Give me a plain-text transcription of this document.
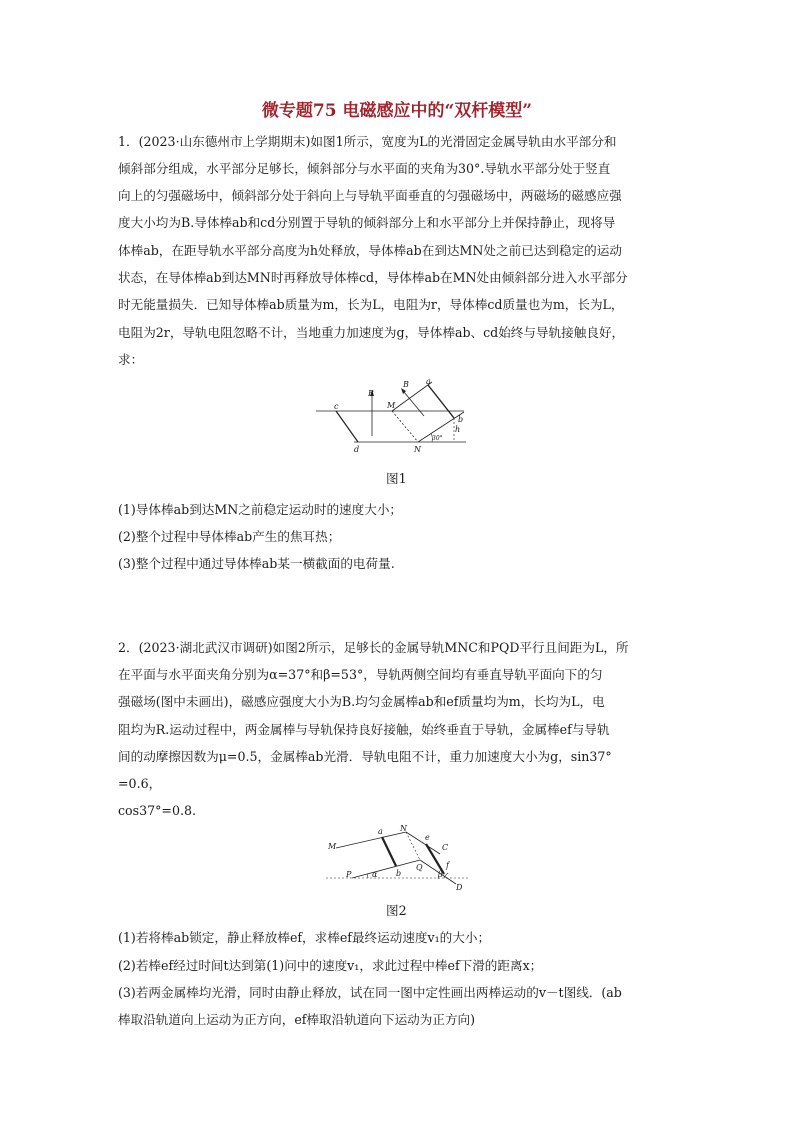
微专题75 电磁感应中的“双杆模型”
1．(2023·山东德州市上学期期末)如图1所示，宽度为L的光滑固定金属导轨由水平部分和
倾斜部分组成，水平部分足够长，倾斜部分与水平面的夹角为30°.导轨水平部分处于竖直
向上的匀强磁场中，倾斜部分处于斜向上与导轨平面垂直的匀强磁场中，两磁场的磁感应强
度大小均为B.导体棒ab和cd分别置于导轨的倾斜部分上和水平部分上并保持静止，现将导
体棒ab，在距导轨水平部分高度为h处释放，导体棒ab在到达MN处之前已达到稳定的运动
状态，在导体棒ab到达MN时再释放导体棒cd，导体棒ab在MN处由倾斜部分进入水平部分
时无能量损失．已知导体棒ab质量为m，长为L，电阻为r，导体棒cd质量也为m，长为L，
电阻为2r，导轨电阻忽略不计，当地重力加速度为g，导体棒ab、cd始终与导轨接触良好，
求：
B
B a
b
c
d
M
N
h
30°
图1
(1)导体棒ab到达MN之前稳定运动时的速度大小；
(2)整个过程中导体棒ab产生的焦耳热；
(3)整个过程中通过导体棒ab某一横截面的电荷量.
2．(2023·湖北武汉市调研)如图2所示，足够长的金属导轨MNC和PQD平行且间距为L，所
在平面与水平面夹角分别为α=37°和β=53°，导轨两侧空间均有垂直导轨平面向下的匀
强磁场(图中未画出)，磁感应强度大小为B.均匀金属棒ab和ef质量均为m，长均为L，电
阻均为R.运动过程中，两金属棒与导轨保持良好接触，始终垂直于导轨，金属棒ef与导轨
间的动摩擦因数为μ=0.5，金属棒ab光滑．导轨电阻不计，重力加速度大小为g，sin37°
=0.6，
cos37°=0.8.
M
N
C
P
Q
D
a
b
e
f
α	β
图2
(1)若将棒ab锁定，静止释放棒ef，求棒ef最终运动速度v₁的大小；
(2)若棒ef经过时间t达到第(1)问中的速度v₁，求此过程中棒ef下滑的距离x；
(3)若两金属棒均光滑，同时由静止释放，试在同一图中定性画出两棒运动的v－t图线．(ab
棒取沿轨道向上运动为正方向，ef棒取沿轨道向下运动为正方向)
